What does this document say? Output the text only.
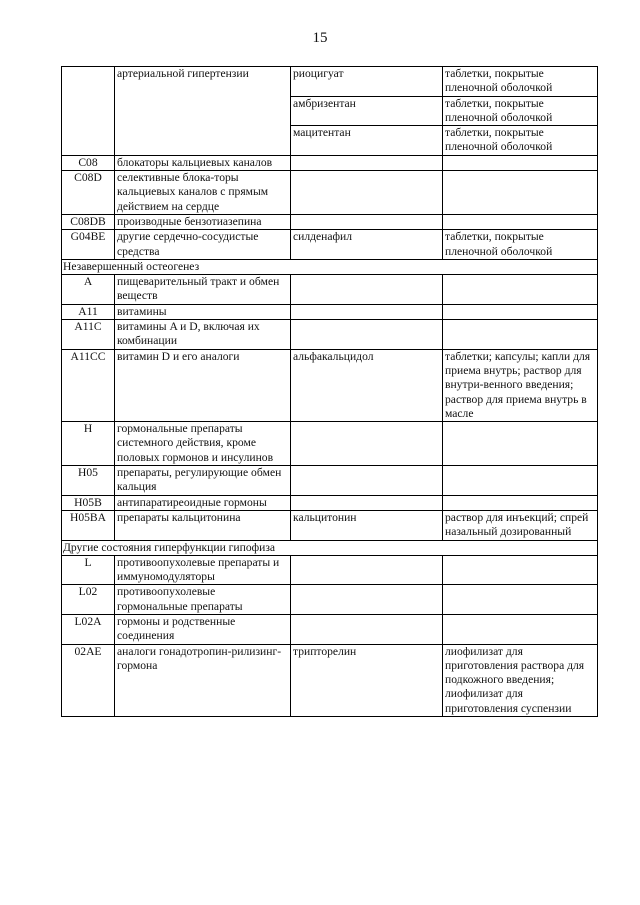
15
	артериальной гипертензии	риоцигуат	таблетки, покрытые пленочной оболочкой
		амбризентан	таблетки, покрытые пленочной оболочкой
		мацитентан	таблетки, покрытые пленочной оболочкой
C08	блокаторы кальциевых каналов		
C08D	селективные блока-торы кальциевых каналов с прямым действием на сердце		
C08DB	производные бензотиазепина		
G04BE	другие сердечно-сосудистые средства	силденафил	таблетки, покрытые пленочной оболочкой
Незавершенный остеогенез			
A	пищеварительный тракт и обмен веществ		
A11	витамины		
A11C	витамины A и D, включая их комбинации		
A11CC	витамин D и его аналоги	альфакальцидол	таблетки; капсулы; капли для приема внутрь; раствор для внутри-венного введения; раствор для приема внутрь в масле
H	гормональные препараты системного действия, кроме половых гормонов и инсулинов		
H05	препараты, регулирующие обмен кальция		
H05B	антипаратиреоидные гормоны		
H05BA	препараты кальцитонина	кальцитонин	раствор для инъекций; спрей назальный дозированный
Другие состояния гиперфункции гипофиза			
L	противоопухолевые препараты и иммуномодуляторы		
L02	противоопухолевые гормональные препараты		
L02A	гормоны и родственные соединения		
02AE	аналоги гонадотропин-рилизинг-гормона	трипторелин	лиофилизат для приготовления раствора для подкожного введения; лиофилизат для приготовления суспензии
